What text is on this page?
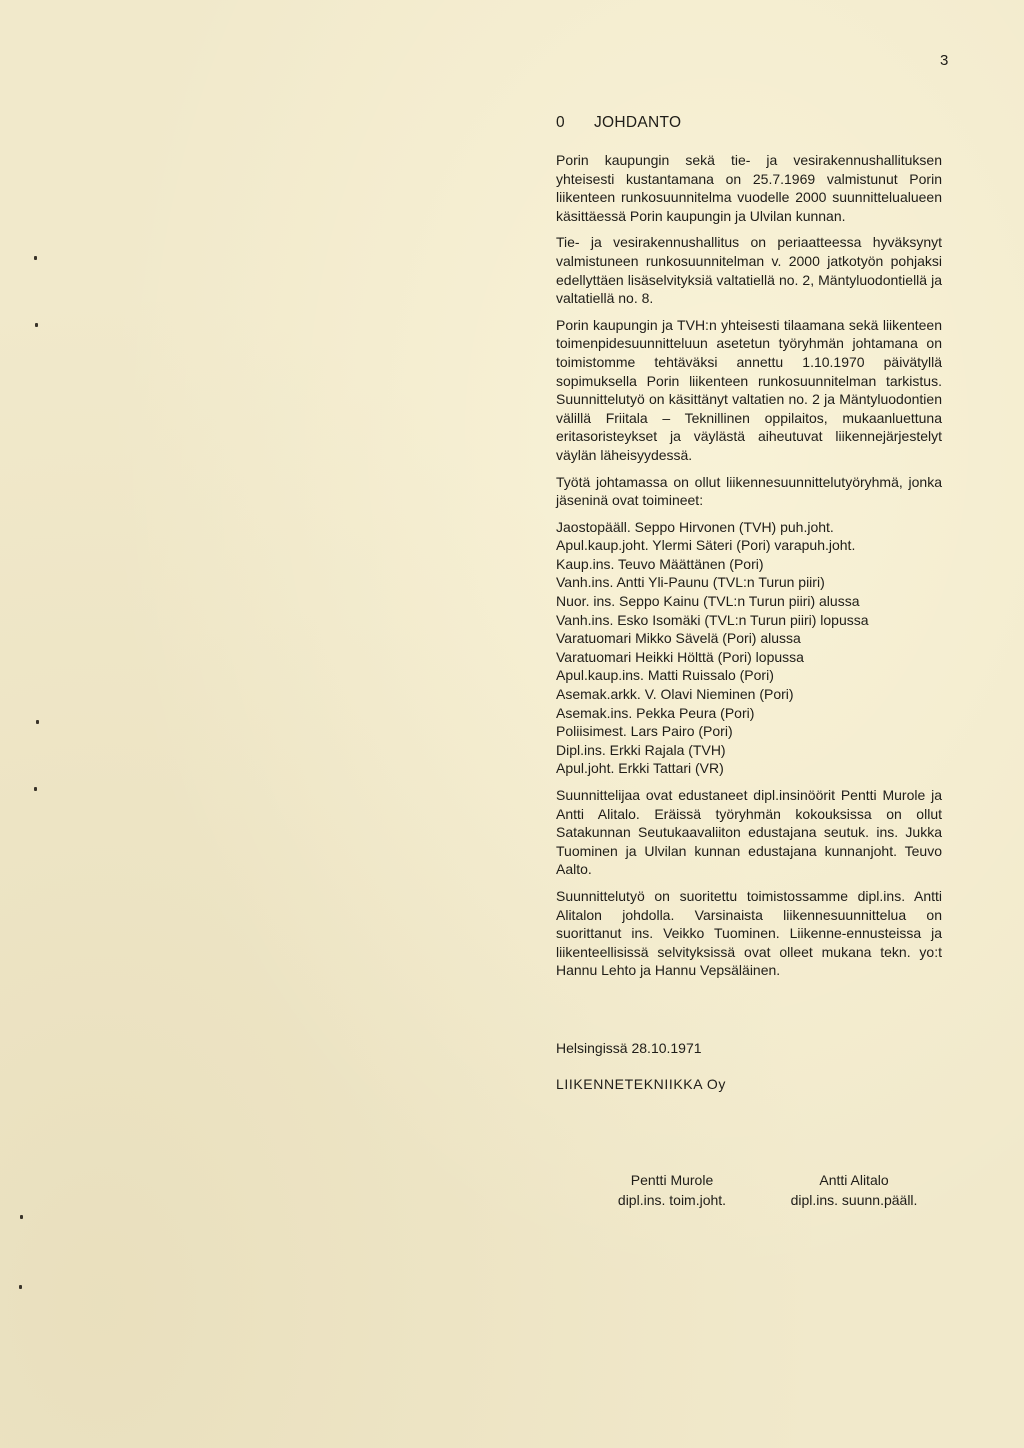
3
0 JOHDANTO

Porin kaupungin sekä tie- ja vesirakennushallituksen yhteisesti kustantamana on 25.7.1969 valmistunut Porin liikenteen runkosuunnitelma vuodelle 2000 suunnittelualueen käsittäessä Porin kaupungin ja Ulvilan kunnan.

Tie- ja vesirakennushallitus on periaatteessa hyväksynyt valmistuneen runkosuunnitelman v. 2000 jatkotyön pohjaksi edellyttäen lisäselvityksiä valtatiellä no. 2, Mäntyluodontiellä ja valtatiellä no. 8.

Porin kaupungin ja TVH:n yhteisesti tilaamana sekä liikenteen toimenpidesuunnitteluun asetetun työryhmän johtamana on toimistomme tehtäväksi annettu 1.10.1970 päivätyllä sopimuksella Porin liikenteen runkosuunnitelman tarkistus. Suunnittelutyö on käsittänyt valtatien no. 2 ja Mäntyluodontien välillä Friitala – Teknillinen oppilaitos, mukaanluettuna eritasoristeykset ja väylästä aiheutuvat liikennejärjestelyt väylän läheisyydessä.

Työtä johtamassa on ollut liikennesuunnittelutyöryhmä, jonka jäseninä ovat toimineet:

Jaostopääll. Seppo Hirvonen (TVH) puh.joht.
Apul.kaup.joht. Ylermi Säteri (Pori) varapuh.joht.
Kaup.ins. Teuvo Määttänen (Pori)
Vanh.ins. Antti Yli-Paunu (TVL:n Turun piiri)
Nuor. ins. Seppo Kainu (TVL:n Turun piiri) alussa
Vanh.ins. Esko Isomäki (TVL:n Turun piiri) lopussa
Varatuomari Mikko Sävelä (Pori) alussa
Varatuomari Heikki Hölttä (Pori) lopussa
Apul.kaup.ins. Matti Ruissalo (Pori)
Asemak.arkk. V. Olavi Nieminen (Pori)
Asemak.ins. Pekka Peura (Pori)
Poliisimest. Lars Pairo (Pori)
Dipl.ins. Erkki Rajala (TVH)
Apul.joht. Erkki Tattari (VR)

Suunnittelijaa ovat edustaneet dipl.insinöörit Pentti Murole ja Antti Alitalo. Eräissä työryhmän kokouksissa on ollut Satakunnan Seutukaavaliiton edustajana seutuk. ins. Jukka Tuominen ja Ulvilan kunnan edustajana kunnanjoht. Teuvo Aalto.

Suunnittelutyö on suoritettu toimistossamme dipl.ins. Antti Alitalon johdolla. Varsinaista liikennesuunnittelua on suorittanut ins. Veikko Tuominen. Liikenne-ennusteissa ja liikenteellisissä selvityksissä ovat olleet mukana tekn. yo:t Hannu Lehto ja Hannu Vepsäläinen.

Helsingissä 28.10.1971
LIIKENNETEKNIIKKA Oy
Pentti Murole
dipl.ins. toim.joht.
Antti Alitalo
dipl.ins. suunn.pääll.
